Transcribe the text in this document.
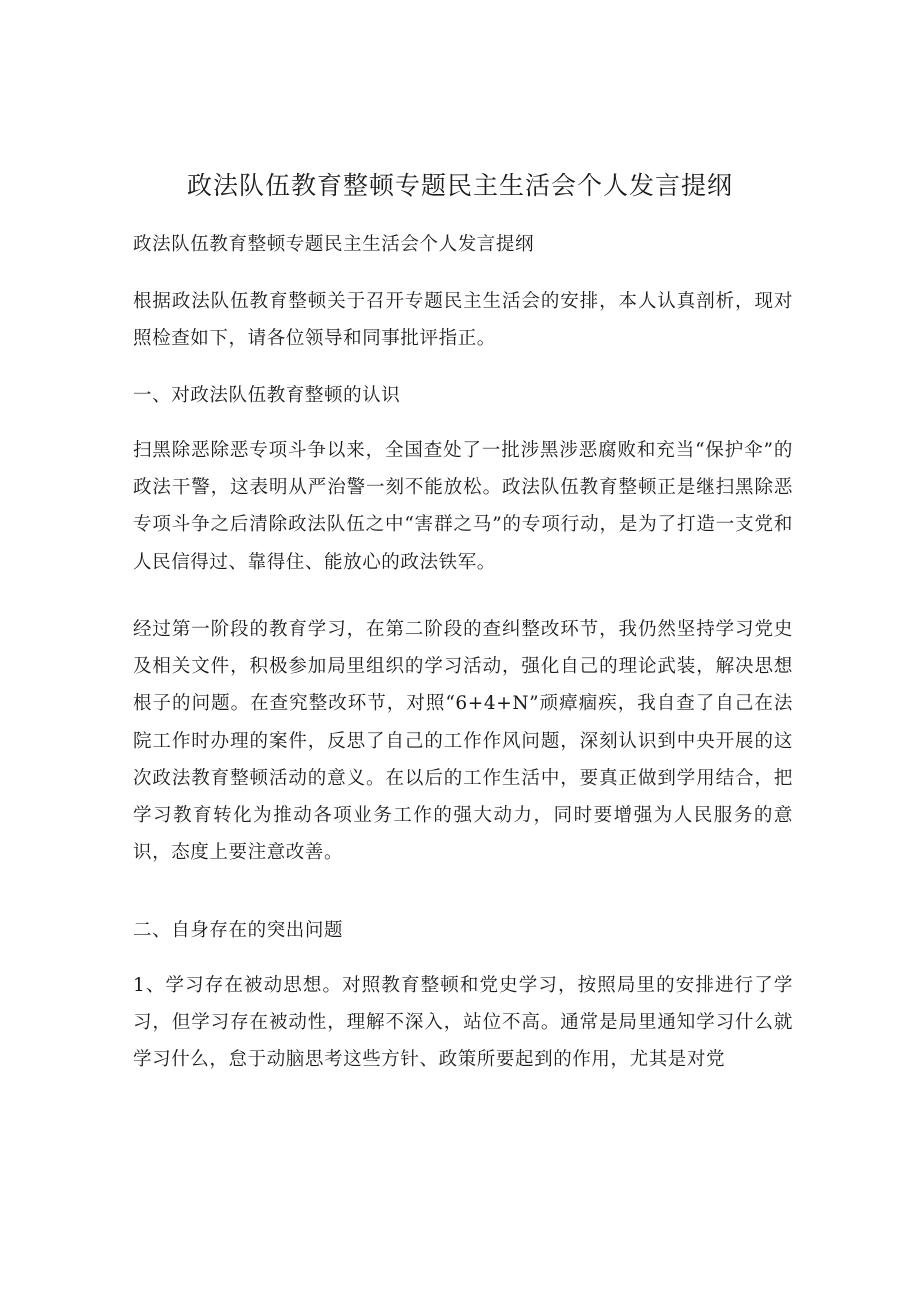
政法队伍教育整顿专题民主生活会个人发言提纲

政法队伍教育整顿专题民主生活会个人发言提纲

根据政法队伍教育整顿关于召开专题民主生活会的安排，本人认真剖析，现对照检查如下，请各位领导和同事批评指正。

一、对政法队伍教育整顿的认识

扫黑除恶除恶专项斗争以来，全国查处了一批涉黑涉恶腐败和充当“保护伞”的政法干警，这表明从严治警一刻不能放松。政法队伍教育整顿正是继扫黑除恶专项斗争之后清除政法队伍之中“害群之马”的专项行动，是为了打造一支党和人民信得过、靠得住、能放心的政法铁军。

经过第一阶段的教育学习，在第二阶段的查纠整改环节，我仍然坚持学习党史及相关文件，积极参加局里组织的学习活动，强化自己的理论武装，解决思想根子的问题。在查究整改环节，对照“6+4+N”顽瘴痼疾，我自查了自己在法院工作时办理的案件，反思了自己的工作作风问题，深刻认识到中央开展的这次政法教育整顿活动的意义。在以后的工作生活中，要真正做到学用结合，把学习教育转化为推动各项业务工作的强大动力，同时要增强为人民服务的意识，态度上要注意改善。

二、自身存在的突出问题

1、学习存在被动思想。对照教育整顿和党史学习，按照局里的安排进行了学习，但学习存在被动性，理解不深入，站位不高。通常是局里通知学习什么就学习什么，怠于动脑思考这些方针、政策所要起到的作用，尤其是对党
